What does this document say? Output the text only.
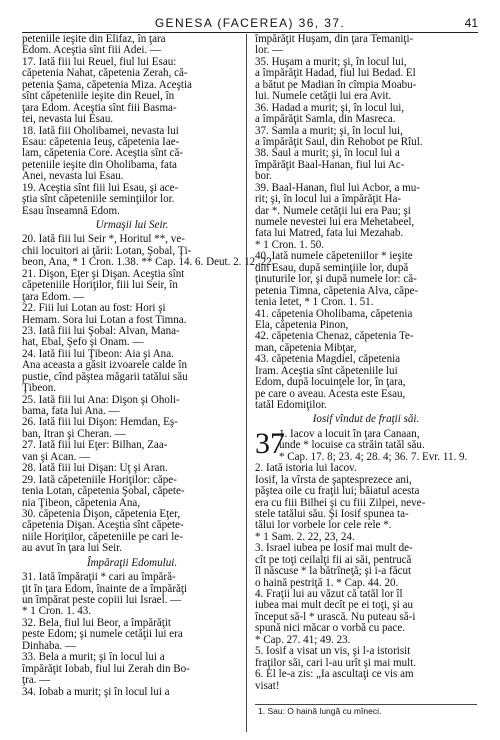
GENESA (FACEREA) 36, 37.	41
peteniile ieşite din Elifaz, în ţara
Edom. Aceştia sînt fiii Adei. —
17. Iată fiii lui Reuel, fiul lui Esau:
căpetenia Nahat, căpetenia Zerah, că-
petenia Şama, căpetenia Miza. Aceştia
sînt căpeteniile ieşite din Reuel, în
ţara Edom. Aceştia sînt fiii Basma-
tei, nevasta lui Esau.
18. Iată fiii Oholibamei, nevasta lui
Esau: căpetenia Ieuş, căpetenia Iae-
lam, căpetenia Core. Aceştia sînt că-
peteniile ieşite din Oholibama, fata
Anei, nevasta lui Esau.
19. Aceştia sînt fiii lui Esau, şi ace-
ştia sînt căpeteniile seminţiilor lor.
Esau înseamnă Edom.
Urmaşii lui Seir.
20. Iată fiii lui Seir *, Horitul **, ve-
chii locuitori ai ţării: Lotan, Şobal, Ţi-
beon, Ana, * 1 Cron. 1.38. ** Cap. 14. 6. Deut. 2. 12, 22.
21. Dişon, Eţer şi Dişan. Aceştia sînt
căpeteniile Horiţilor, fiii lui Seir, în
ţara Edom. —
22. Fiii lui Lotan au fost: Hori şi
Hemam. Sora lui Lotan a fost Timna.
23. Iată fiii lui Şobal: Alvan, Mana-
hat, Ebal, Şefo şi Onam. —
24. Iată fiii lui Ţibeon: Aia şi Ana.
Ana aceasta a găsit izvoarele calde în
pustie, cînd păştea măgarii tatălui său
Ţibeon.
25. Iată fiii lui Ana: Dişon şi Oholi-
bama, fata lui Ana. —
26. Iată fiii lui Dişon: Hemdan, Eş-
ban, Itran şi Cheran. —
27. Iată fiii lui Eţer: Bilhan, Zaa-
van şi Acan. —
28. Iată fiii lui Dişan: Uţ şi Aran.
29. Iată căpeteniile Horiţilor: căpe-
tenia Lotan, căpetenia Şobal, căpete-
nia Ţibeon, căpetenia Ana,
30. căpetenia Dişon, căpetenia Eţer,
căpetenia Dişan. Aceştia sînt căpete-
niile Horiţilor, căpeteniile pe cari le-
au avut în ţara lui Seir.
Împăraţii Edomului.
31. Iată împăraţii * cari au împără-
ţit în ţara Edom, înainte de a împărăţi
un împărat peste copiii lui Israel. —
* 1 Cron. 1. 43.
32. Bela, fiul lui Beor, a împărăţit
peste Edom; şi numele cetăţii lui era
Dinhaba. —
33. Bela a murit; şi în locul lui a
împărăţit Iobab, fiul lui Zerah din Bo-
ţra. —
34. Iobab a murit; şi în locul lui a
împărăţit Huşam, din ţara Temaniţi-
lor. —
35. Huşam a murit; şi, în locul lui,
a împărăţit Hadad, fiul lui Bedad. El
a bătut pe Madian în cîmpia Moabu-
lui. Numele cetăţii lui era Avit.
36. Hadad a murit; şi, în locul lui,
a împărăţit Samla, din Masreca.
37. Samla a murit; şi, în locul lui,
a împărăţit Saul, din Rehobot pe Rîul.
38. Saul a murit; şi, în locul lui a
împărăţit Baal-Hanan, fiul lui Ac-
bor.
39. Baal-Hanan, fiul lui Acbor, a mu-
rit; şi, în locul lui a împărăţit Ha-
dar *. Numele cetăţii lui era Pau; şi
numele nevestei lui era Mehetabeel,
fata lui Matred, fata lui Mezahab.
* 1 Cron. 1. 50.
40. Iată numele căpeteniilor * ieşite
din Esau, după seminţiile lor, după
ţinuturile lor, şi după numele lor: că-
petenia Timna, căpetenia Alva, căpe-
tenia Ietet, * 1 Cron. 1. 51.
41. căpetenia Oholibama, căpetenia
Ela, căpetenia Pinon,
42. căpetenia Chenaz, căpetenia Te-
man, căpetenia Mibţar,
43. căpetenia Magdiel, căpetenia
Iram. Aceştia sînt căpeteniile lui
Edom, după locuinţele lor, în ţara,
pe care o aveau. Acesta este Esau,
tatăl Edomiţilor.
Iosif vîndut de fraţii săi.
37
1. Iacov a locuit în ţara Canaan,
unde * locuise ca străin tatăl său.
* Cap. 17. 8; 23. 4; 28. 4; 36. 7. Evr. 11. 9.
2. Iată istoria lui Iacov.
Iosif, la vîrsta de şaptesprezece ani,
păştea oile cu fraţii lui; băiatul acesta
era cu fiii Bilhei şi cu fiii Zilpei, neve-
stele tatălui său. Şi Iosif spunea ta-
tălui lor vorbele lor cele rele *.
* 1 Sam. 2. 22, 23, 24.
3. Israel iubea pe Iosif mai mult de-
cît pe toţi ceilalţi fii ai săi, pentrucă
îl născuse * la bătrîneţă; şi i-a făcut
o haină pestriţă 1. * Cap. 44. 20.
4. Fraţii lui au văzut că tatăl lor îl
iubea mai mult decît pe ei toţi, şi au
început să-l * urască. Nu puteau să-i
spună nici măcar o vorbă cu pace.
* Cap. 27. 41; 49. 23.
5. Iosif a visat un vis, şi l-a istorisit
fraţilor săi, cari l-au urît şi mai mult.
6. El le-a zis: „Ia ascultaţi ce vis am
visat!
1. Sau: O haină lungă cu mîneci.
